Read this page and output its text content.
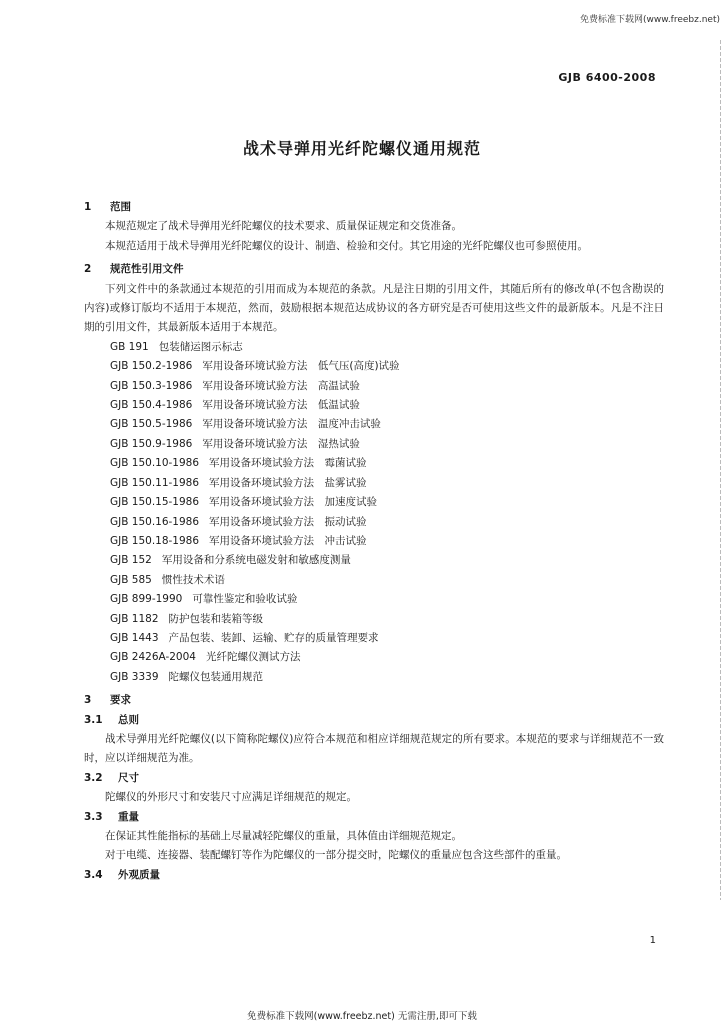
免费标准下载网(www.freebz.net)
GJB 6400-2008
战术导弹用光纤陀螺仪通用规范
1 范围
本规范规定了战术导弹用光纤陀螺仪的技术要求、质量保证规定和交货准备。
本规范适用于战术导弹用光纤陀螺仪的设计、制造、检验和交付。其它用途的光纤陀螺仪也可参照使用。
2 规范性引用文件
下列文件中的条款通过本规范的引用而成为本规范的条款。凡是注日期的引用文件，其随后所有的修改单(不包含勘误的内容)或修订版均不适用于本规范，然而，鼓励根据本规范达成协议的各方研究是否可使用这些文件的最新版本。凡是不注日期的引用文件，其最新版本适用于本规范。
GB 191 包装储运图示标志
GJB 150.2-1986 军用设备环境试验方法　低气压(高度)试验
GJB 150.3-1986 军用设备环境试验方法　高温试验
GJB 150.4-1986 军用设备环境试验方法　低温试验
GJB 150.5-1986 军用设备环境试验方法　温度冲击试验
GJB 150.9-1986 军用设备环境试验方法　湿热试验
GJB 150.10-1986 军用设备环境试验方法　霉菌试验
GJB 150.11-1986 军用设备环境试验方法　盐雾试验
GJB 150.15-1986 军用设备环境试验方法　加速度试验
GJB 150.16-1986 军用设备环境试验方法　振动试验
GJB 150.18-1986 军用设备环境试验方法　冲击试验
GJB 152 军用设备和分系统电磁发射和敏感度测量
GJB 585 惯性技术术语
GJB 899-1990 可靠性鉴定和验收试验
GJB 1182 防护包装和装箱等级
GJB 1443 产品包装、装卸、运输、贮存的质量管理要求
GJB 2426A-2004 光纤陀螺仪测试方法
GJB 3339 陀螺仪包装通用规范
3 要求
3.1 总则
战术导弹用光纤陀螺仪(以下简称陀螺仪)应符合本规范和相应详细规范规定的所有要求。本规范的要求与详细规范不一致时，应以详细规范为准。
3.2 尺寸
陀螺仪的外形尺寸和安装尺寸应满足详细规范的规定。
3.3 重量
在保证其性能指标的基础上尽量减轻陀螺仪的重量，具体值由详细规范规定。
对于电缆、连接器、装配螺钉等作为陀螺仪的一部分提交时，陀螺仪的重量应包含这些部件的重量。
3.4 外观质量
1
免费标准下载网(www.freebz.net) 无需注册,即可下载
